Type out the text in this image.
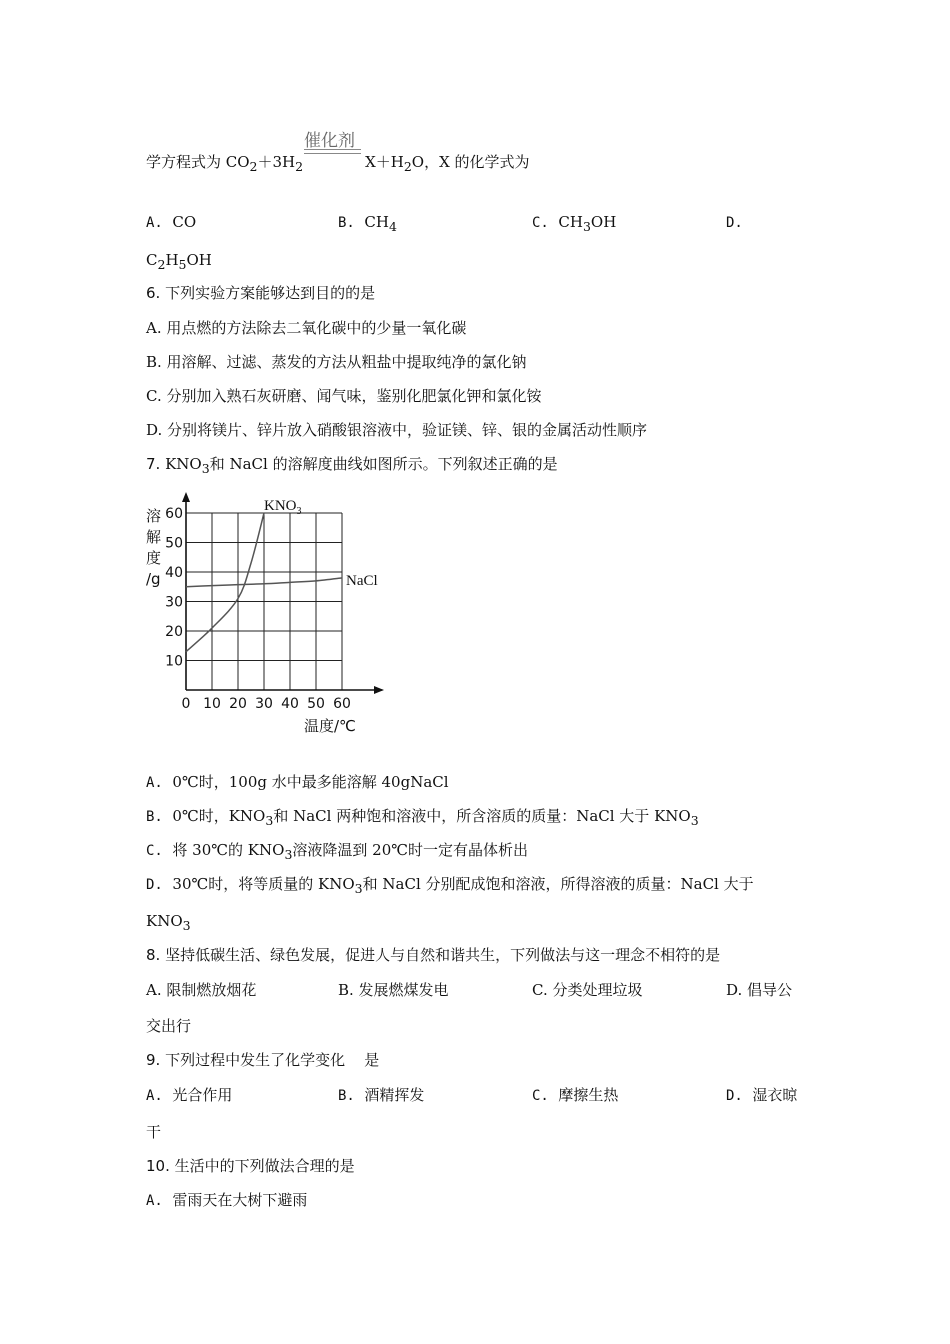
催化剂
学方程式为 $CO_2+3H_2$	$X+H_2O$，X 的化学式为
A. CO	B. $CH_4$	C. $CH_3OH$	D.
$C_2H_5OH$
6. 下列实验方案能够达到目的的是
A. 用点燃的方法除去二氧化碳中的少量一氧化碳
B. 用溶解、过滤、蒸发的方法从粗盐中提取纯净的氯化钠
C. 分别加入熟石灰研磨、闻气味，鉴别化肥氯化钾和氯化铵
D. 分别将镁片、锌片放入硝酸银溶液中，验证镁、锌、银的金属活动性顺序
7. $KNO_3$和 NaCl 的溶解度曲线如图所示。下列叙述正确的是
0 10 20 30 40 50 60
10
20
30
40
50
60
溶
解
度
/g
温度/℃
$KNO_3$
NaCl
A. 0℃时，100g 水中最多能溶解 40gNaCl
B. 0℃时，$KNO_3$和 NaCl 两种饱和溶液中，所含溶质的质量：NaCl 大于 $KNO_3$
C. 将 30℃的 $KNO_3$溶液降温到 20℃时一定有晶体析出
D. 30℃时，将等质量的 $KNO_3$和 NaCl 分别配成饱和溶液，所得溶液的质量：NaCl 大于
$KNO_3$
8. 坚持低碳生活、绿色发展，促进人与自然和谐共生，下列做法与这一理念不相符的是
A. 限制燃放烟花	B. 发展燃煤发电	C. 分类处理垃圾	D. 倡导公
交出行
9. 下列过程中发生了化学变化 是
A. 光合作用	B. 酒精挥发	C. 摩擦生热	D. 湿衣晾
干
10. 生活中的下列做法合理的是
A. 雷雨天在大树下避雨
